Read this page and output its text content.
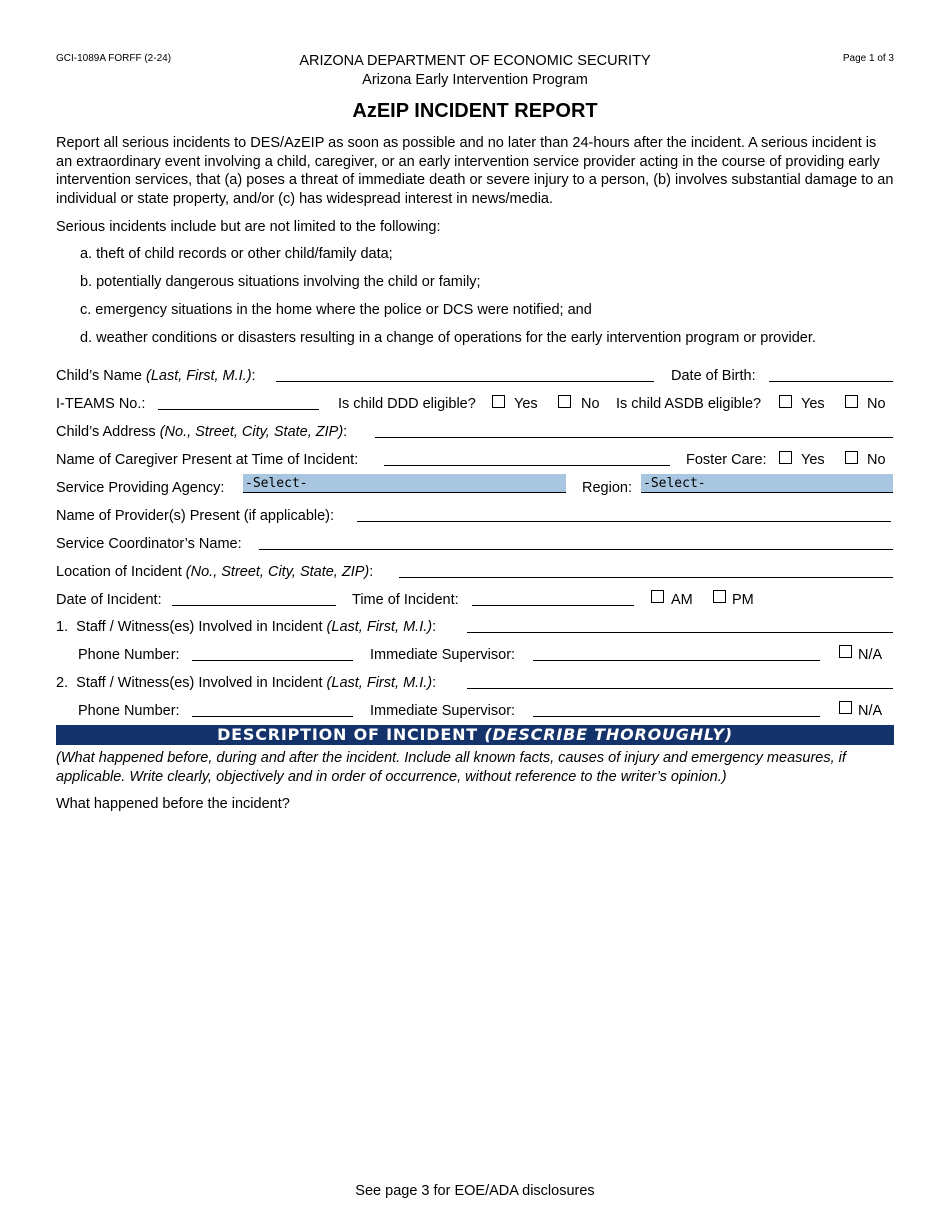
GCI-1089A FORFF (2-24)	Page 1 of 3
ARIZONA DEPARTMENT OF ECONOMIC SECURITY
Arizona Early Intervention Program
AzEIP INCIDENT REPORT
Report all serious incidents to DES/AzEIP as soon as possible and no later than 24-hours after the incident. A serious incident is an extraordinary event involving a child, caregiver, or an early intervention service provider acting in the course of providing early intervention services, that (a) poses a threat of immediate death or severe injury to a person, (b) involves substantial damage to an individual or state property, and/or (c) has widespread interest in news/media.
Serious incidents include but are not limited to the following:
a. theft of child records or other child/family data;
b. potentially dangerous situations involving the child or family;
c. emergency situations in the home where the police or DCS were notified; and
d. weather conditions or disasters resulting in a change of operations for the early intervention program or provider.
Child’s Name (Last, First, M.I.):	Date of Birth:
I-TEAMS No.:	Is child DDD eligible?	Yes	No Is child ASDB eligible?	Yes	No
Child’s Address (No., Street, City, State, ZIP):
Name of Caregiver Present at Time of Incident:	Foster Care: Yes	No
Service Providing Agency: -Select-	Region: -Select-
Name of Provider(s) Present (if applicable):
Service Coordinator’s Name:
Location of Incident (No., Street, City, State, ZIP):
Date of Incident:	Time of Incident:	AM	PM
1. Staff / Witness(es) Involved in Incident (Last, First, M.I.):
Phone Number:	Immediate Supervisor:	N/A
2. Staff / Witness(es) Involved in Incident (Last, First, M.I.):
Phone Number:	Immediate Supervisor:	N/A
DESCRIPTION OF INCIDENT (DESCRIBE THOROUGHLY)
(What happened before, during and after the incident. Include all known facts, causes of injury and emergency measures, if applicable. Write clearly, objectively and in order of occurrence, without reference to the writer’s opinion.)
What happened before the incident?
See page 3 for EOE/ADA disclosures
